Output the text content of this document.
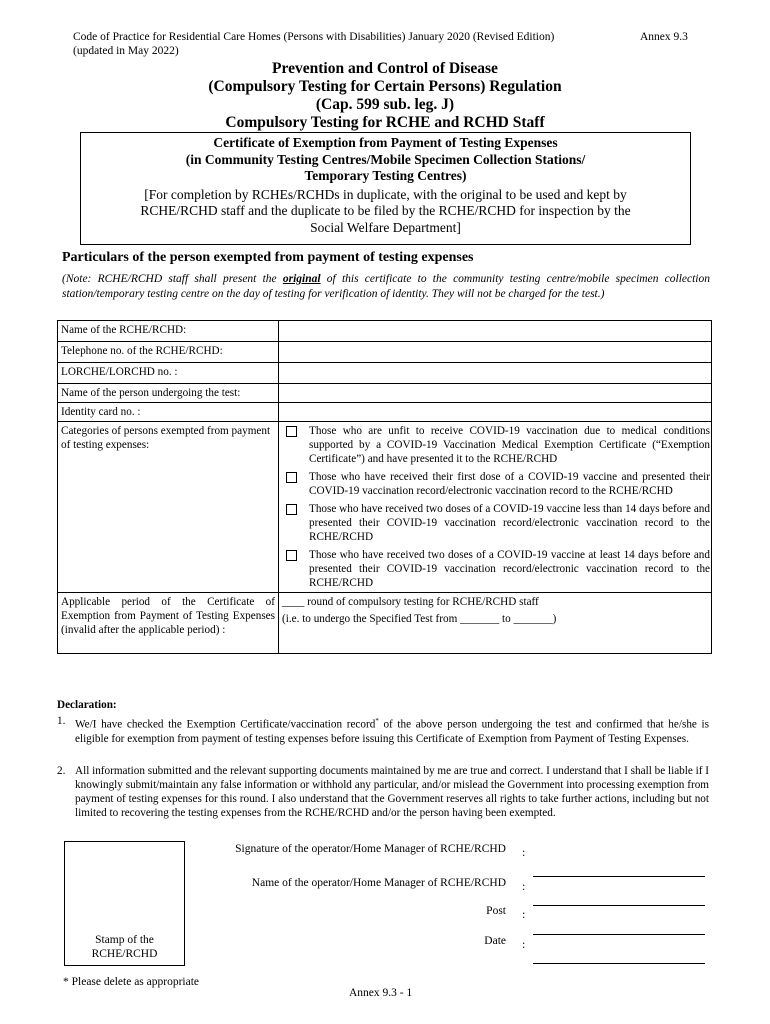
Code of Practice for Residential Care Homes (Persons with Disabilities) January 2020 (Revised Edition)
(updated in May 2022)
Annex 9.3
Prevention and Control of Disease
(Compulsory Testing for Certain Persons) Regulation
(Cap. 599 sub. leg. J)
Compulsory Testing for RCHE and RCHD Staff
Certificate of Exemption from Payment of Testing Expenses
(in Community Testing Centres/Mobile Specimen Collection Stations/
Temporary Testing Centres)
[For completion by RCHEs/RCHDs in duplicate, with the original to be used and kept by
RCHE/RCHD staff and the duplicate to be filed by the RCHE/RCHD for inspection by the
Social Welfare Department]
Particulars of the person exempted from payment of testing expenses
(Note: RCHE/RCHD staff shall present the original of this certificate to the community testing centre/mobile specimen collection station/temporary testing centre on the day of testing for verification of identity. They will not be charged for the test.)
Name of the RCHE/RCHD:	
Telephone no. of the RCHE/RCHD:	
LORCHE/LORCHD no. :	
Name of the person undergoing the test:	
Identity card no. :	
Categories of persons exempted from payment of testing expenses:	Those who are unfit to receive COVID-19 vaccination due to medical conditions supported by a COVID-19 Vaccination Medical Exemption Certificate (“Exemption Certificate”) and have presented it to the RCHE/RCHD
Those who have received their first dose of a COVID-19 vaccine and presented their COVID-19 vaccination record/electronic vaccination record to the RCHE/RCHD
Those who have received two doses of a COVID-19 vaccine less than 14 days before and presented their COVID-19 vaccination record/electronic vaccination record to the RCHE/RCHD
Those who have received two doses of a COVID-19 vaccine at least 14 days before and presented their COVID-19 vaccination record/electronic vaccination record to the RCHE/RCHD

Applicable period of the Certificate of Exemption from Payment of Testing Expenses (invalid after the applicable period) :	____ round of compulsory testing for RCHE/RCHD staff
(i.e. to undergo the Specified Test from _______ to _______)
Declaration:
1. We/I have checked the Exemption Certificate/vaccination record* of the above person undergoing the test and confirmed that he/she is eligible for exemption from payment of testing expenses before issuing this Certificate of Exemption from Payment of Testing Expenses.
2. All information submitted and the relevant supporting documents maintained by me are true and correct. I understand that I shall be liable if I knowingly submit/maintain any false information or withhold any particular, and/or mislead the Government into processing exemption from payment of testing expenses for this round. I also understand that the Government reserves all rights to take further actions, including but not limited to recovering the testing expenses from the RCHE/RCHD and/or the person having been exempted.
Stamp of the
RCHE/RCHD
Signature of the operator/Home Manager of RCHE/RCHD :
Name of the operator/Home Manager of RCHE/RCHD :
Post :
Date :
* Please delete as appropriate
Annex 9.3 - 1
